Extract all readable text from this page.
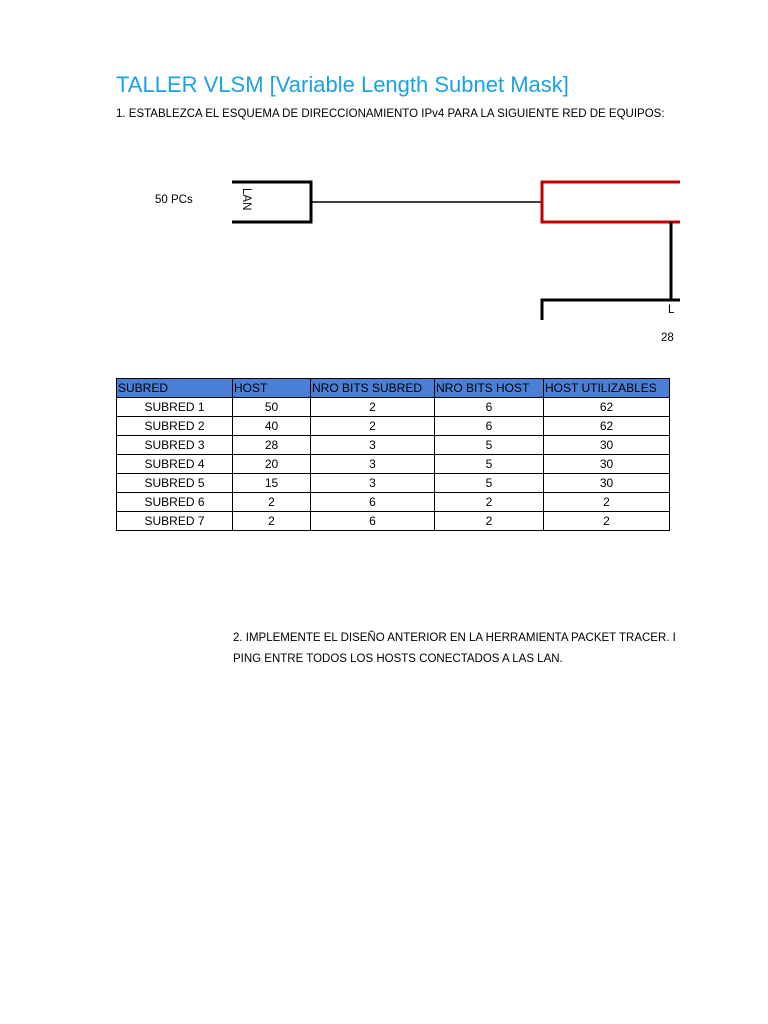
TALLER VLSM [Variable Length Subnet Mask]
1. ESTABLEZCA EL ESQUEMA DE DIRECCIONAMIENTO IPv4 PARA LA SIGUIENTE RED DE EQUIPOS:
50 PCs	LAN
L
28
SUBRED	HOST	NRO BITS SUBRED	NRO BITS HOST	HOST UTILIZABLES
SUBRED 1	50	2	6	62
SUBRED 2	40	2	6	62
SUBRED 3	28	3	5	30
SUBRED 4	20	3	5	30
SUBRED 5	15	3	5	30
SUBRED 6	2	6	2	2
SUBRED 7	2	6	2	2
2. IMPLEMENTE EL DISEÑO ANTERIOR EN LA HERRAMIENTA PACKET TRACER. I
PING ENTRE TODOS LOS HOSTS CONECTADOS A LAS LAN.
